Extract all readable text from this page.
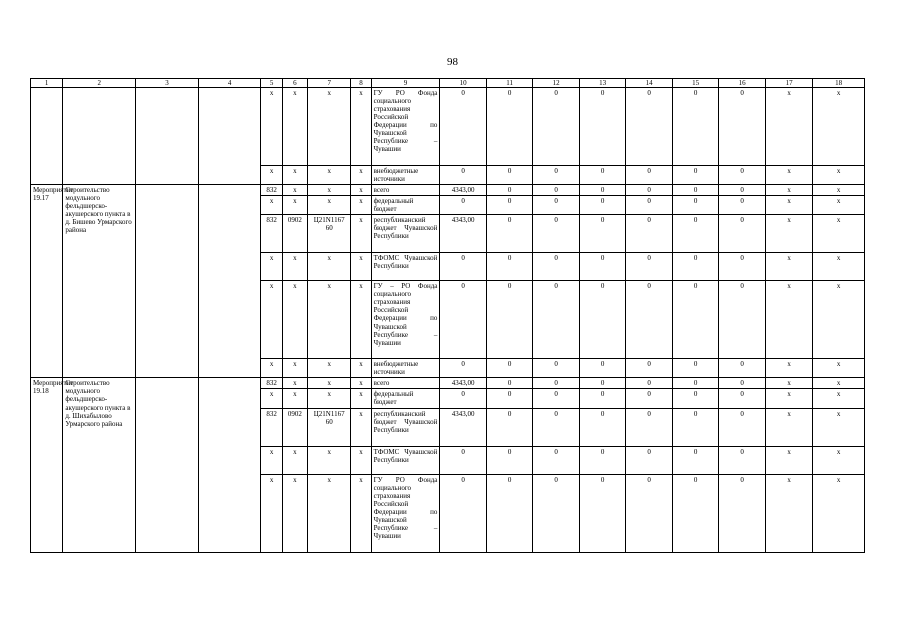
98
1	2	3	4	5	6	7	8	9	10	11	12	13	14	15	16	17	18
				x	x	x	x	ГУ РО Фонда социального страхования Российской Федерации по Чувашской Республике – Чувашии	0	0	0	0	0	0	0	x	x
				x	x	x	x	внебюджетные источники	0	0	0	0	0	0	0	x	x
Мероприятие 19.17	Строительство модульного фельдшерско-акушерского пункта в д. Бишево Урмарского района			832	x	x	x	всего	4343,00	0	0	0	0	0	0	x	x
				x	x	x	x	федеральный бюджет	0	0	0	0	0	0	0	x	x
				832	0902	Ц21N1167 60	x	республиканский бюджет Чувашской Республики	4343,00	0	0	0	0	0	0	x	x
				x	x	x	x	ТФОМС Чувашской Республики	0	0	0	0	0	0	0	x	x
				x	x	x	x	ГУ – РО Фонда социального страхования Российской Федерации по Чувашской Республике – Чувашии	0	0	0	0	0	0	0	x	x
				x	x	x	x	внебюджетные источники	0	0	0	0	0	0	0	x	x
Мероприятие 19.18	Строительство модульного фельдшерско-акушерского пункта в д. Шихабылово Урмарского района			832	x	x	x	всего	4343,00	0	0	0	0	0	0	x	x
				x	x	x	x	федеральный бюджет	0	0	0	0	0	0	0	x	x
				832	0902	Ц21N1167 60	x	республиканский бюджет Чувашской Республики	4343,00	0	0	0	0	0	0	x	x
				x	x	x	x	ТФОМС Чувашской Республики	0	0	0	0	0	0	0	x	x
				x	x	x	x	ГУ РО Фонда социального страхования Российской Федерации по Чувашской Республике – Чувашии	0	0	0	0	0	0	0	x	x
